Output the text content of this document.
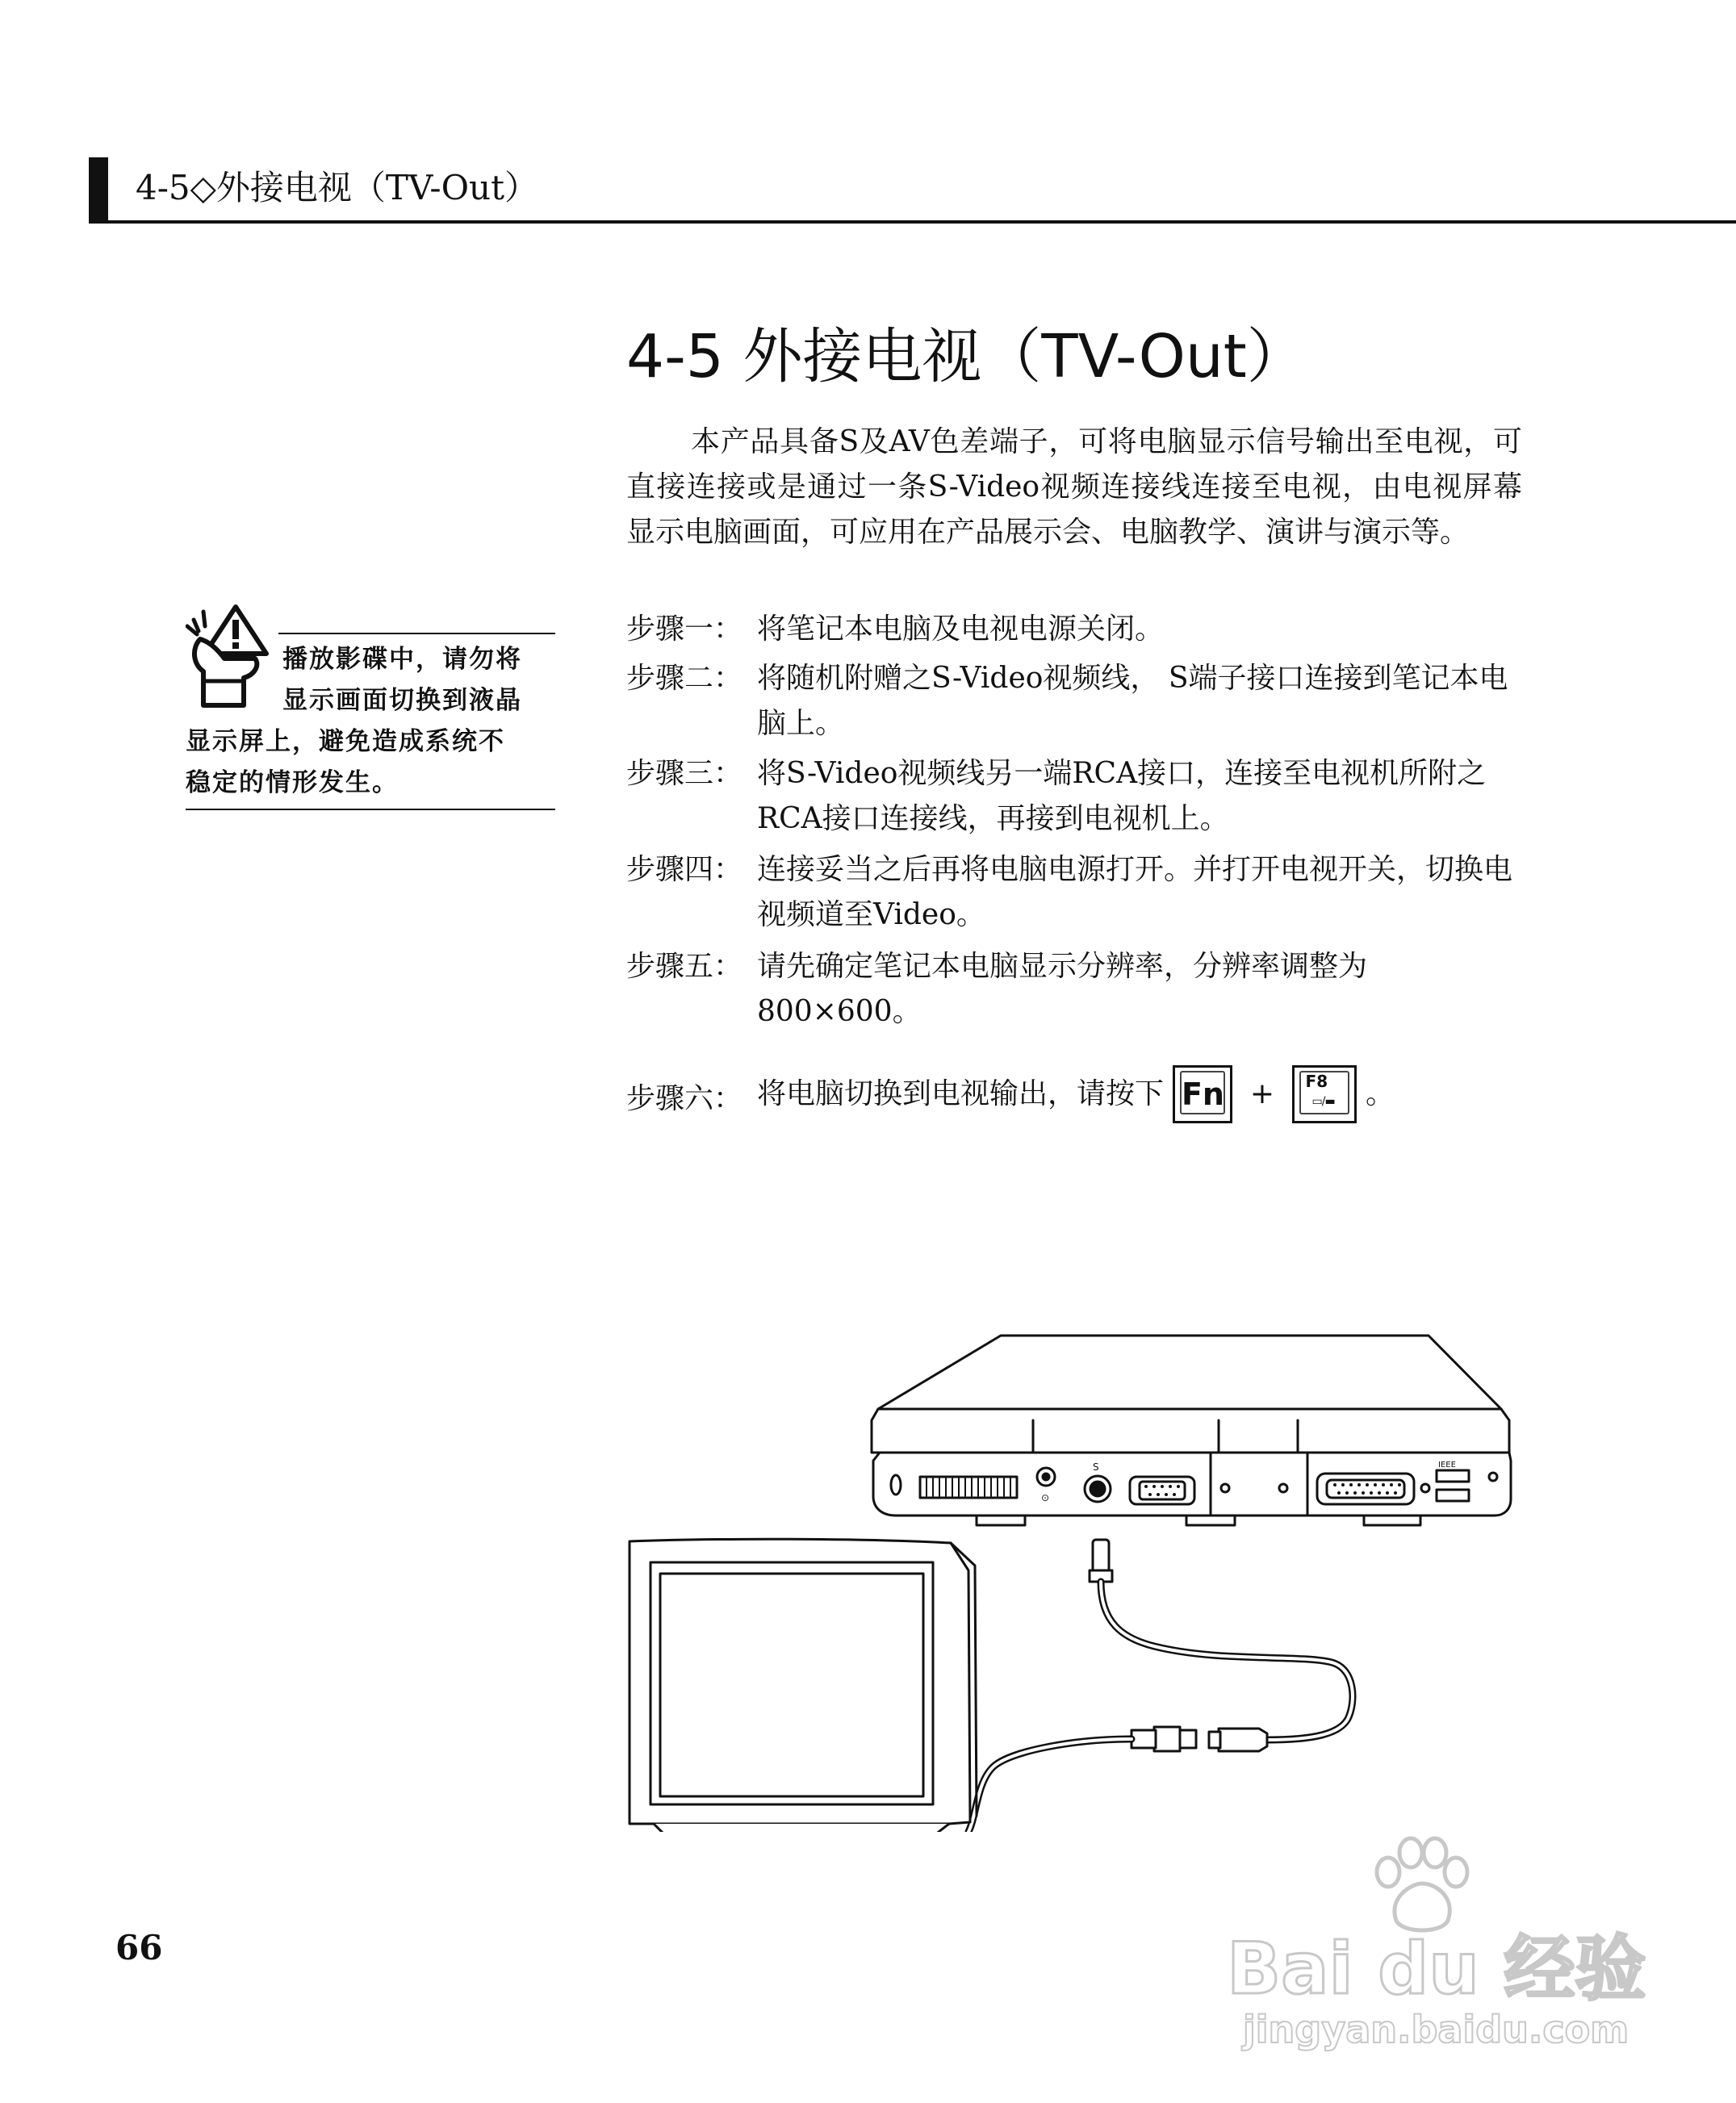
4-5◇外接电视（TV-Out）
4-5 外接电视（TV-Out）

本产品具备S及AV色差端子，可将电脑显示信号输出至电视，可直接连接或是通过一条S-Video视频连接线连接至电视，由电视屏幕显示电脑画面，可应用在产品展示会、电脑教学、演讲与演示等。

步骤一： 将笔记本电脑及电视电源关闭。
步骤二： 将随机附赠之S-Video视频线， S端子接口连接到笔记本电脑上。
步骤三： 将S-Video视频线另一端RCA接口，连接至电视机所附之RCA接口连接线，再接到电视机上。
步骤四： 连接妥当之后再将电脑电源打开。并打开电视开关，切换电视频道至Video。
步骤五： 请先确定笔记本电脑显示分辨率，分辨率调整为800×600。
步骤六： 将电脑切换到电视输出，请按下 Fn + F8
▭/▬ 。
播放影碟中，请勿将
显示画面切换到液晶
显示屏上，避免造成系统不
稳定的情形发生。
⊙
S	IEEE
66	Bai du 经验
jingyan.baidu.com
